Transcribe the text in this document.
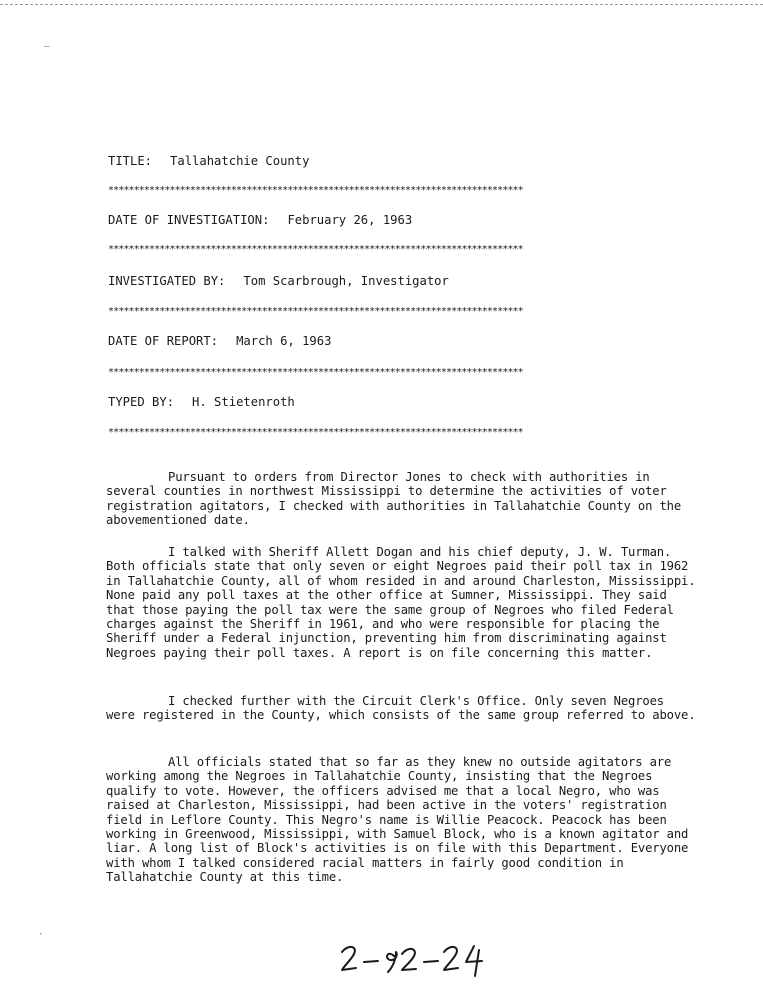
–
·
TITLE: Tallahatchie County
*********************************************************************************
DATE OF INVESTIGATION: February 26, 1963
*********************************************************************************
INVESTIGATED BY: Tom Scarbrough, Investigator
*********************************************************************************
DATE OF REPORT: March 6, 1963
*********************************************************************************
TYPED BY: H. Stietenroth
*********************************************************************************

Pursuant to orders from Director Jones to check with authorities in several counties in northwest Mississippi to determine the activities of voter registration agitators, I checked with authorities in Tallahatchie County on the abovementioned date.

I talked with Sheriff Allett Dogan and his chief deputy, J. W. Turman. Both officials state that only seven or eight Negroes paid their poll tax in 1962 in Tallahatchie County, all of whom resided in and around Charleston, Mississippi. None paid any poll taxes at the other office at Sumner, Mississippi. They said that those paying the poll tax were the same group of Negroes who filed Federal charges against the Sheriff in 1961, and who were responsible for placing the Sheriff under a Federal injunction, preventing him from discriminating against Negroes paying their poll taxes. A report is on file concerning this matter.

I checked further with the Circuit Clerk's Office. Only seven Negroes were registered in the County, which consists of the same group referred to above.

All officials stated that so far as they knew no outside agitators are working among the Negroes in Tallahatchie County, insisting that the Negroes qualify to vote. However, the officers advised me that a local Negro, who was raised at Charleston, Mississippi, had been active in the voters' registration field in Leflore County. This Negro's name is Willie Peacock. Peacock has been working in Greenwood, Mississippi, with Samuel Block, who is a known agitator and liar. A long list of Block's activities is on file with this Department. Everyone with whom I talked considered racial matters in fairly good condition in Tallahatchie County at this time.
